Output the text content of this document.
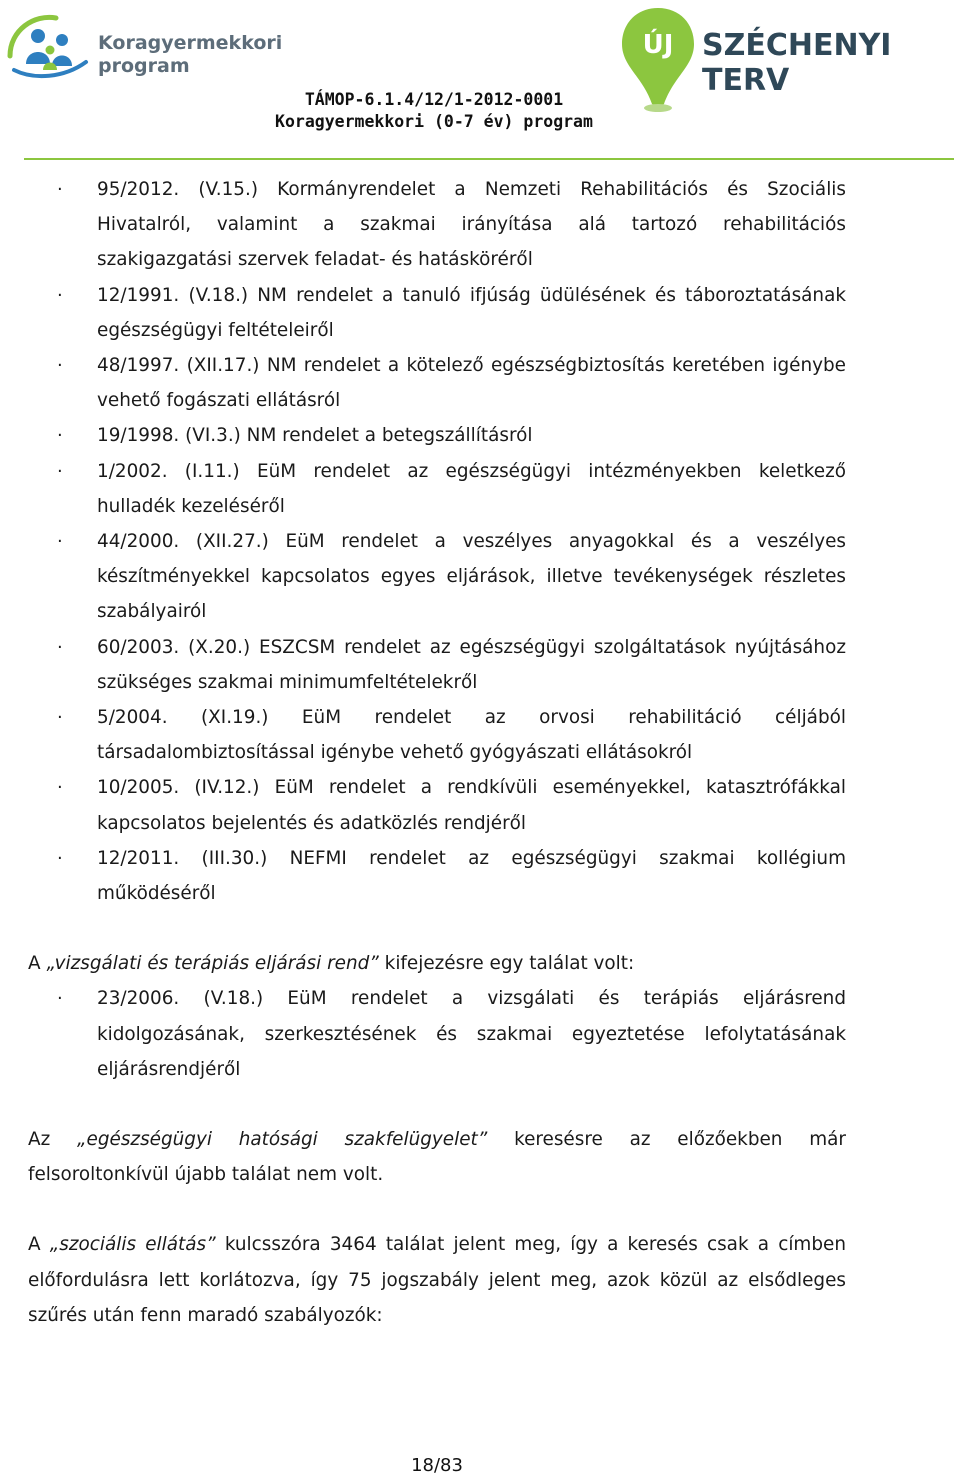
Koragyermekkori
program
ÚJ SZÉCHENYI TERV
TÁMOP-6.1.4/12/1-2012-0001
Koragyermekkori (0-7 év) program
· 95/2012. (V.15.) Kormányrendelet a Nemzeti Rehabilitációs és Szociális Hivatalról, valamint a szakmai irányítása alá tartozó rehabilitációs szakigazgatási szervek feladat- és hatásköréről
· 12/1991. (V.18.) NM rendelet a tanuló ifjúság üdülésének és táboroztatásának egészségügyi feltételeiről
· 48/1997. (XII.17.) NM rendelet a kötelező egészségbiztosítás keretében igénybe vehető fogászati ellátásról
· 19/1998. (VI.3.) NM rendelet a betegszállításról
· 1/2002. (I.11.) EüM rendelet az egészségügyi intézményekben keletkező hulladék kezeléséről
· 44/2000. (XII.27.) EüM rendelet a veszélyes anyagokkal és a veszélyes készítményekkel kapcsolatos egyes eljárások, illetve tevékenységek részletes szabályairól
· 60/2003. (X.20.) ESZCSM rendelet az egészségügyi szolgáltatások nyújtásához szükséges szakmai minimumfeltételekről
· 5/2004. (XI.19.) EüM rendelet az orvosi rehabilitáció céljából társadalombiztosítással igénybe vehető gyógyászati ellátásokról
· 10/2005. (IV.12.) EüM rendelet a rendkívüli eseményekkel, katasztrófákkal kapcsolatos bejelentés és adatközlés rendjéről
· 12/2011. (III.30.) NEFMI rendelet az egészségügyi szakmai kollégium működéséről

A „vizsgálati és terápiás eljárási rend” kifejezésre egy találat volt:

· 23/2006. (V.18.) EüM rendelet a vizsgálati és terápiás eljárásrend kidolgozásának, szerkesztésének és szakmai egyeztetése lefolytatásának eljárásrendjéről

Az „egészségügyi hatósági szakfelügyelet” keresésre az előzőekben már felsoroltonkívül újabb találat nem volt.

A „szociális ellátás” kulcsszóra 3464 találat jelent meg, így a keresés csak a címben előfordulásra lett korlátozva, így 75 jogszabály jelent meg, azok közül az elsődleges szűrés után fenn maradó szabályozók:

18/83
